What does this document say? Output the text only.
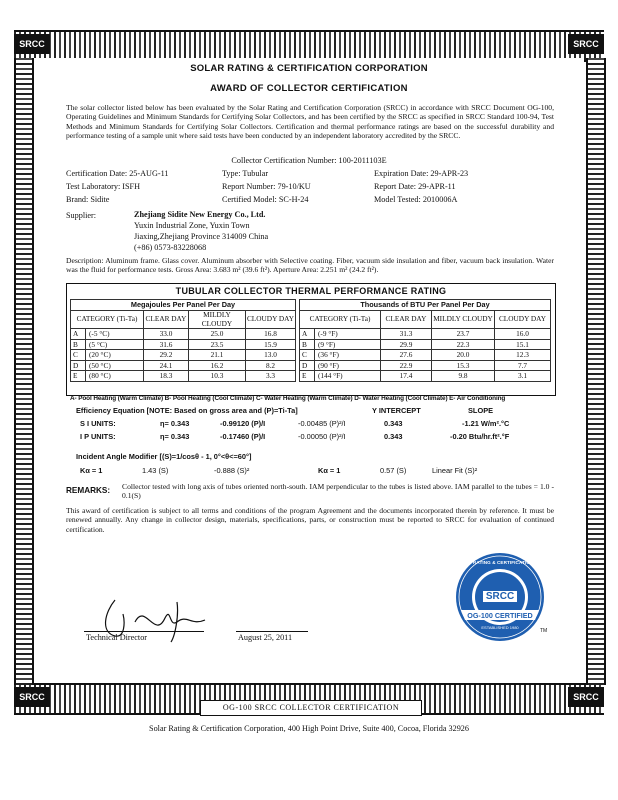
SRCC	SRCC
SRCC	SRCC
SOLAR RATING & CERTIFICATION CORPORATION
AWARD OF COLLECTOR CERTIFICATION
The solar collector listed below has been evaluated by the Solar Rating and Certification Corporation (SRCC) in accordance with SRCC Document OG-100, Operating Guidelines and Minimum Standards for Certifying Solar Collectors, and has been certified by the SRCC as specified in SRCC Standard 100-94, Test Methods and Minimum Standards for Certifying Solar Collectors. Certification and thermal performance ratings are based on the successful durability and performance testing of a sample unit where said tests have been conducted by an independent laboratory accredited by the SRCC.
Collector Certification Number: 100-2011103E
Certification Date: 25-AUG-11	Type: Tubular	Expiration Date: 29-APR-23
Test Laboratory: ISFH	Report Number: 79-10/KU	Report Date: 29-APR-11
Brand: Sidite	Certified Model: SC-H-24	Model Tested: 2010006A
Supplier:	Zhejiang Sidite New Energy Co., Ltd.
Yuxin Industrial Zone, Yuxin Town
Jiaxing,Zhejiang Province 314009 China
(+86) 0573-83228068
Description: Aluminum frame. Glass cover. Aluminum absorber with Selective coating. Fiber, vacuum side insulation and fiber, vacuum back insulation. Water was the fluid for performance tests. Gross Area: 3.683 m² (39.6 ft²). Aperture Area: 2.251 m² (24.2 ft²).
TUBULAR COLLECTOR THERMAL PERFORMANCE RATING
Megajoules Per Panel Per Day			
CATEGORY (Ti-Ta)	CLEAR DAY	MILDLY CLOUDY	CLOUDY DAY
A (-5 °C)	33.0	25.0	16.8
B (5 °C)	31.6	23.5	15.9
C (20 °C)	29.2	21.1	13.0
D (50 °C)	24.1	16.2	8.2
E (80 °C)	18.3	10.3	3.3
Thousands of BTU Per Panel Per Day			
CATEGORY (Ti-Ta)	CLEAR DAY	MILDLY CLOUDY	CLOUDY DAY
A (-9 °F)	31.3	23.7	16.0
B (9 °F)	29.9	22.3	15.1
C (36 °F)	27.6	20.0	12.3
D (90 °F)	22.9	15.3	7.7
E (144 °F)	17.4	9.8	3.1
A- Pool Heating (Warm Climate) B- Pool Heating (Cool Climate) C- Water Heating (Warm Climate) D- Water Heating (Cool Climate) E- Air Conditioning
Efficiency Equation [NOTE: Based on gross area and (P)=Ti-Ta]	Y INTERCEPT	SLOPE
S I UNITS:	η= 0.343	-0.99120 (P)/I	-0.00485 (P)²/I	0.343	-1.21 W/m².°C
I P UNITS:	η= 0.343	-0.17460 (P)/I	-0.00050 (P)²/I	0.343	-0.20 Btu/hr.ft².°F
Incident Angle Modifier [(S)=1/cosθ - 1, 0°<θ<=60°]
Kα = 1	1.43 (S)	-0.888 (S)²	Kα = 1	0.57 (S)	Linear Fit (S)²
REMARKS: Collector tested with long axis of tubes oriented north-south. IAM perpendicular to the tubes is listed above. IAM parallel to the tubes = 1.0 - 0.1(S)
This award of certification is subject to all terms and conditions of the program Agreement and the documents incorporated therein by reference. It must be renewed annually. Any change in collector design, materials, specifications, parts, or construction must be reported to SRCC for evaluation of continued certification.
Technical Director	August 25, 2011
SOLAR RATING & CERTIFICATION CORPORATION
SRCC
OG-100 CERTIFIED
ESTABLISHED 1980
TM
OG-100 SRCC COLLECTOR CERTIFICATION
Solar Rating & Certification Corporation, 400 High Point Drive, Suite 400, Cocoa, Florida 32926
